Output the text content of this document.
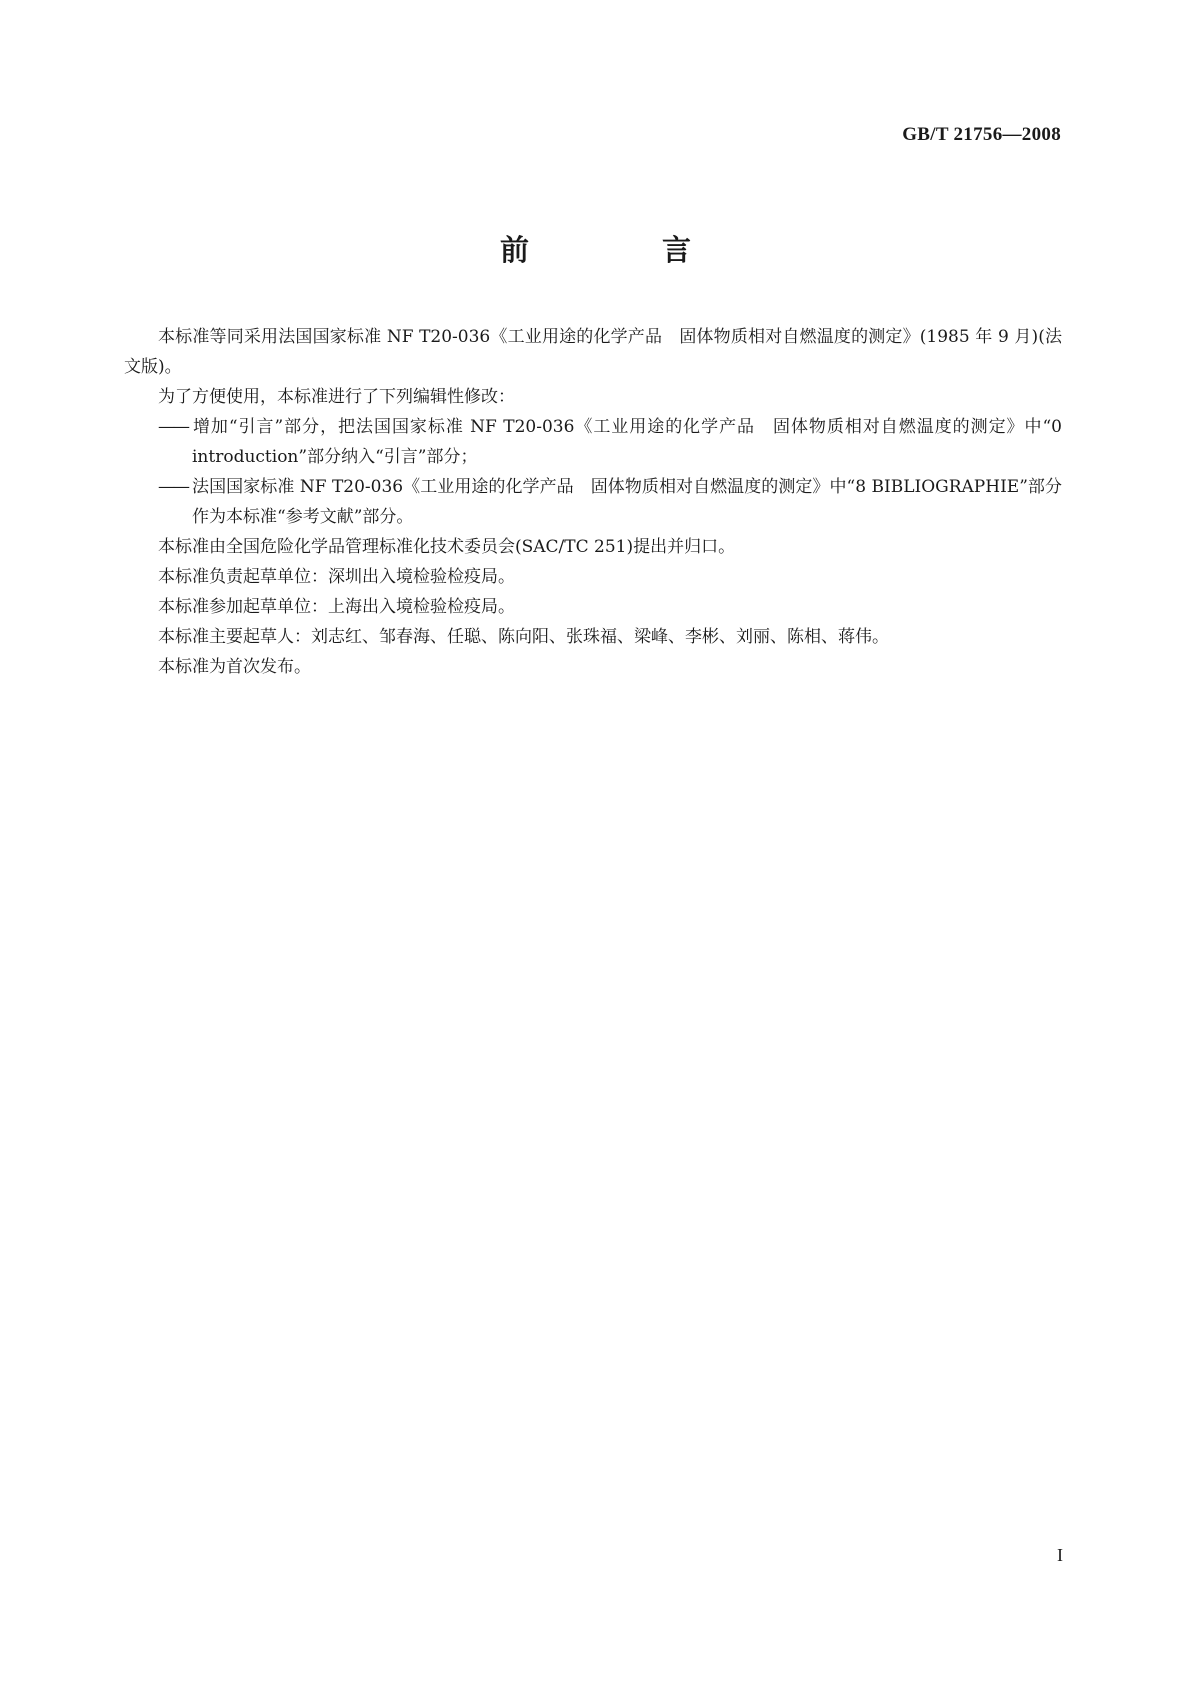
GB/T 21756—2008
前　言

本标准等同采用法国国家标准 NF T20-036《工业用途的化学产品　固体物质相对自燃温度的测定》(1985 年 9 月)(法文版)。

为了方便使用，本标准进行了下列编辑性修改：

—— 增加“引言”部分，把法国国家标准 NF T20-036《工业用途的化学产品　固体物质相对自燃温度的测定》中“0 introduction”部分纳入“引言”部分；

—— 法国国家标准 NF T20-036《工业用途的化学产品　固体物质相对自燃温度的测定》中“8 BIBLIOGRAPHIE”部分作为本标准“参考文献”部分。

本标准由全国危险化学品管理标准化技术委员会(SAC/TC 251)提出并归口。

本标准负责起草单位：深圳出入境检验检疫局。

本标准参加起草单位：上海出入境检验检疫局。

本标准主要起草人：刘志红、邹春海、任聪、陈向阳、张珠福、梁峰、李彬、刘丽、陈相、蒋伟。

本标准为首次发布。

I
